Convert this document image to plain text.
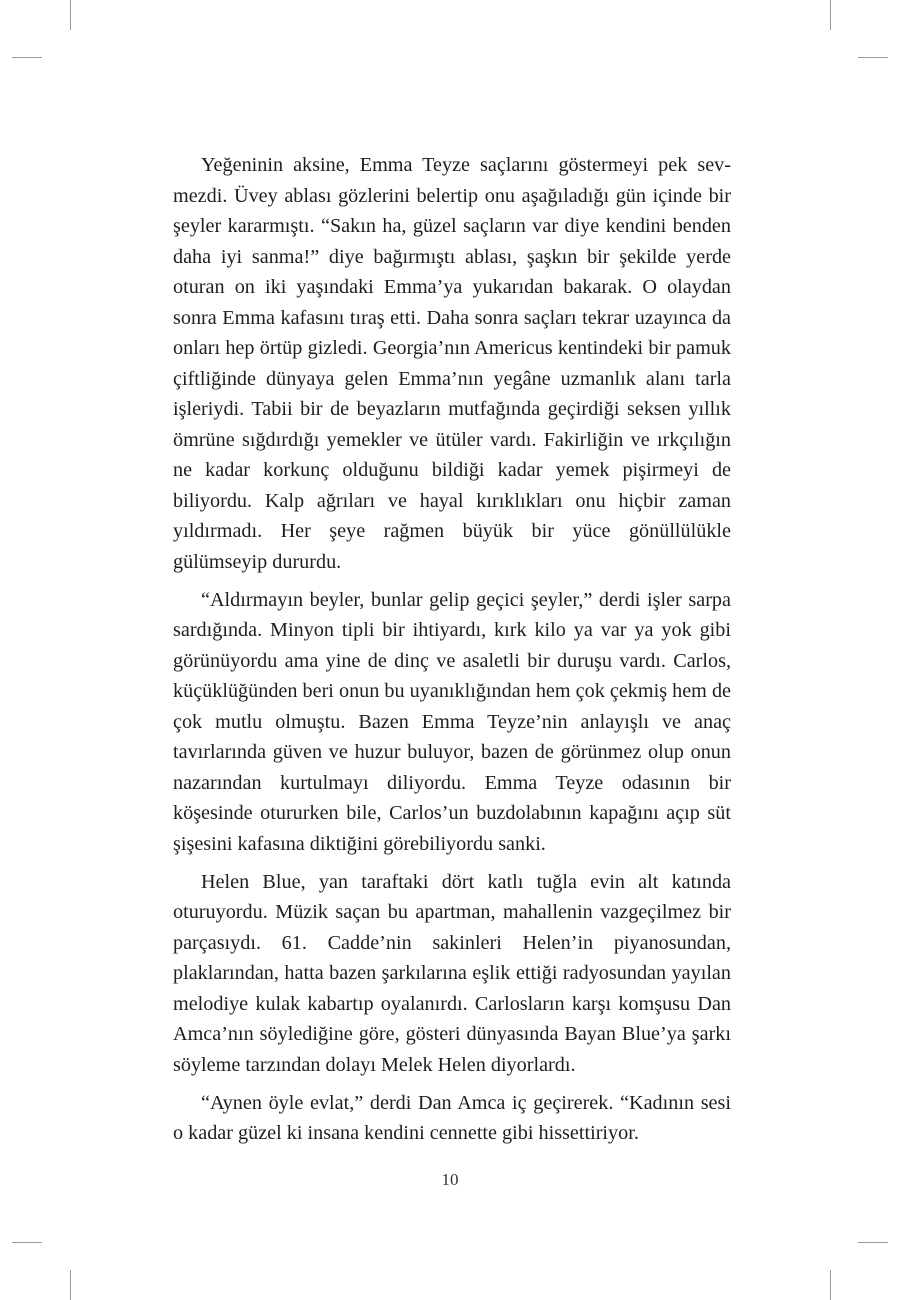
Yeğeninin aksine, Emma Teyze saçlarını göstermeyi pek sevmezdi. Üvey ablası gözlerini belertip onu aşağıladığı gün içinde bir şeyler kararmıştı. “Sakın ha, güzel saçların var diye kendini benden daha iyi sanma!” diye bağırmıştı ablası, şaşkın bir şekilde yerde oturan on iki yaşındaki Emma’ya yukarıdan bakarak. O olaydan sonra Emma kafasını tıraş etti. Daha sonra saçları tekrar uzayınca da onları hep örtüp gizledi. Georgia’nın Americus kentindeki bir pamuk çiftliğinde dünyaya gelen Emma’nın yegâne uzmanlık alanı tarla işleriydi. Tabii bir de beyazların mutfağında geçirdiği seksen yıllık ömrüne sığdırdığı yemekler ve ütüler vardı. Fakirliğin ve ırkçılığın ne kadar korkunç olduğunu bildiği kadar yemek pişirmeyi de biliyordu. Kalp ağrıları ve hayal kırıklıkları onu hiçbir zaman yıldırmadı. Her şeye rağmen büyük bir yüce gönüllülükle gülümseyip dururdu.

“Aldırmayın beyler, bunlar gelip geçici şeyler,” derdi işler sarpa sardığında. Minyon tipli bir ihtiyardı, kırk kilo ya var ya yok gibi görünüyordu ama yine de dinç ve asaletli bir duruşu vardı. Carlos, küçüklüğünden beri onun bu uyanıklığından hem çok çekmiş hem de çok mutlu olmuştu. Bazen Emma Teyze’nin anlayışlı ve anaç tavırlarında güven ve huzur buluyor, bazen de görünmez olup onun nazarından kurtulmayı diliyordu. Emma Teyze odasının bir köşesinde otururken bile, Carlos’un buzdolabının kapağını açıp süt şişesini kafasına diktiğini görebiliyordu sanki.

Helen Blue, yan taraftaki dört katlı tuğla evin alt katında oturuyordu. Müzik saçan bu apartman, mahallenin vazgeçilmez bir parçasıydı. 61. Cadde’nin sakinleri Helen’in piyanosundan, plaklarından, hatta bazen şarkılarına eşlik ettiği radyosundan yayılan melodiye kulak kabartıp oyalanırdı. Carlosların karşı komşusu Dan Amca’nın söylediğine göre, gösteri dünyasında Bayan Blue’ya şarkı söyleme tarzından dolayı Melek Helen diyorlardı.

“Aynen öyle evlat,” derdi Dan Amca iç geçirerek. “Kadının sesi o kadar güzel ki insana kendini cennette gibi hissettiriyor.

10
